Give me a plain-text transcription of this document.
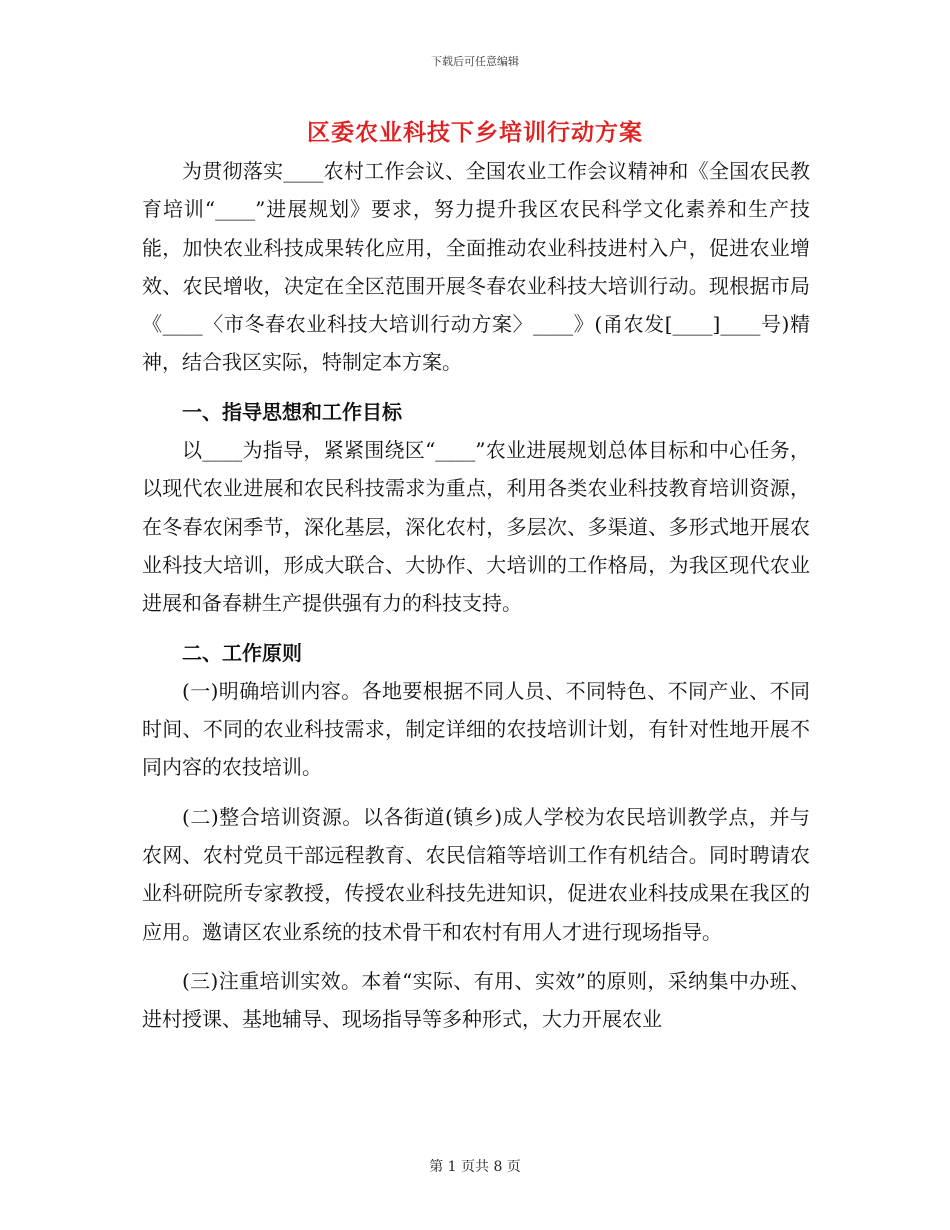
下载后可任意编辑
区委农业科技下乡培训行动方案

为贯彻落实____农村工作会议、全国农业工作会议精神和《全国农民教育培训“____”进展规划》要求，努力提升我区农民科学文化素养和生产技能，加快农业科技成果转化应用，全面推动农业科技进村入户，促进农业增效、农民增收，决定在全区范围开展冬春农业科技大培训行动。现根据市局《____〈市冬春农业科技大培训行动方案〉____》(甬农发[____]____号)精神，结合我区实际，特制定本方案。

一、指导思想和工作目标

以____为指导，紧紧围绕区“____”农业进展规划总体目标和中心任务，以现代农业进展和农民科技需求为重点，利用各类农业科技教育培训资源，在冬春农闲季节，深化基层，深化农村，多层次、多渠道、多形式地开展农业科技大培训，形成大联合、大协作、大培训的工作格局，为我区现代农业进展和备春耕生产提供强有力的科技支持。

二、工作原则

(一)明确培训内容。各地要根据不同人员、不同特色、不同产业、不同时间、不同的农业科技需求，制定详细的农技培训计划，有针对性地开展不同内容的农技培训。

(二)整合培训资源。以各街道(镇乡)成人学校为农民培训教学点，并与农网、农村党员干部远程教育、农民信箱等培训工作有机结合。同时聘请农业科研院所专家教授，传授农业科技先进知识，促进农业科技成果在我区的应用。邀请区农业系统的技术骨干和农村有用人才进行现场指导。

(三)注重培训实效。本着“实际、有用、实效”的原则，采纳集中办班、进村授课、基地辅导、现场指导等多种形式，大力开展农业

第 1 页共 8 页
